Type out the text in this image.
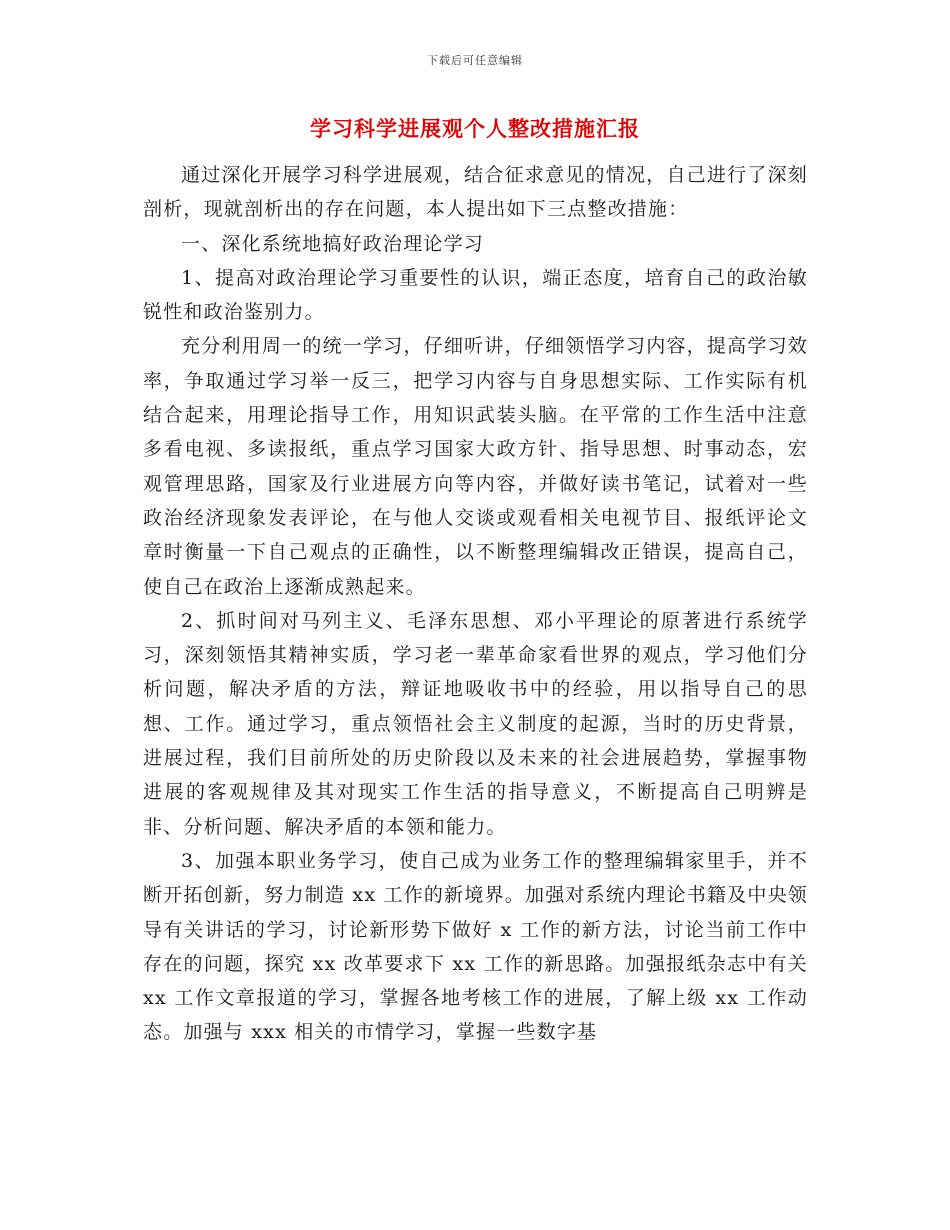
下载后可任意编辑
学习科学进展观个人整改措施汇报

通过深化开展学习科学进展观，结合征求意见的情况，自己进行了深刻剖析，现就剖析出的存在问题，本人提出如下三点整改措施：

一、深化系统地搞好政治理论学习

1、提高对政治理论学习重要性的认识，端正态度，培育自己的政治敏锐性和政治鉴别力。

充分利用周一的统一学习，仔细听讲，仔细领悟学习内容，提高学习效率，争取通过学习举一反三，把学习内容与自身思想实际、工作实际有机结合起来，用理论指导工作，用知识武装头脑。在平常的工作生活中注意多看电视、多读报纸，重点学习国家大政方针、指导思想、时事动态，宏观管理思路，国家及行业进展方向等内容，并做好读书笔记，试着对一些政治经济现象发表评论，在与他人交谈或观看相关电视节目、报纸评论文章时衡量一下自己观点的正确性，以不断整理编辑改正错误，提高自己，使自己在政治上逐渐成熟起来。

2、抓时间对马列主义、毛泽东思想、邓小平理论的原著进行系统学习，深刻领悟其精神实质，学习老一辈革命家看世界的观点，学习他们分析问题，解决矛盾的方法，辩证地吸收书中的经验，用以指导自己的思想、工作。通过学习，重点领悟社会主义制度的起源，当时的历史背景，进展过程，我们目前所处的历史阶段以及未来的社会进展趋势，掌握事物进展的客观规律及其对现实工作生活的指导意义，不断提高自己明辨是非、分析问题、解决矛盾的本领和能力。

3、加强本职业务学习，使自己成为业务工作的整理编辑家里手，并不断开拓创新，努力制造 xx 工作的新境界。加强对系统内理论书籍及中央领导有关讲话的学习，讨论新形势下做好 x 工作的新方法，讨论当前工作中存在的问题，探究 xx 改革要求下 xx 工作的新思路。加强报纸杂志中有关 xx 工作文章报道的学习，掌握各地考核工作的进展，了解上级 xx 工作动态。加强与 xxx 相关的市情学习，掌握一些数字基
